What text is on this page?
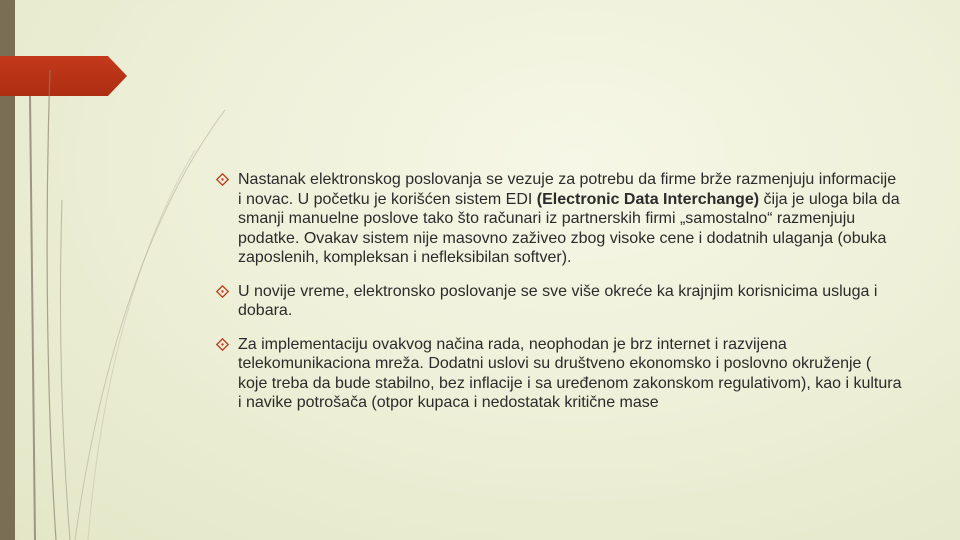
Nastanak elektronskog poslovanja se vezuje za potrebu da firme brže razmenjuju informacije i novac. U početku je korišćen sistem EDI (Electronic Data Interchange) čija je uloga bila da smanji manuelne poslove tako što računari iz partnerskih firmi „samostalno“ razmenjuju podatke. Ovakav sistem nije masovno zaživeo zbog visoke cene i dodatnih ulaganja (obuka zaposlenih, kompleksan i nefleksibilan softver).
U novije vreme, elektronsko poslovanje se sve više okreće ka krajnjim korisnicima usluga i dobara.
Za implementaciju ovakvog načina rada, neophodan je brz internet i razvijena telekomunikaciona mreža. Dodatni uslovi su društveno ekonomsko i poslovno okruženje ( koje treba da bude stabilno, bez inflacije i sa uređenom zakonskom regulativom), kao i kultura i navike potrošača (otpor kupaca i nedostatak kritične mase
